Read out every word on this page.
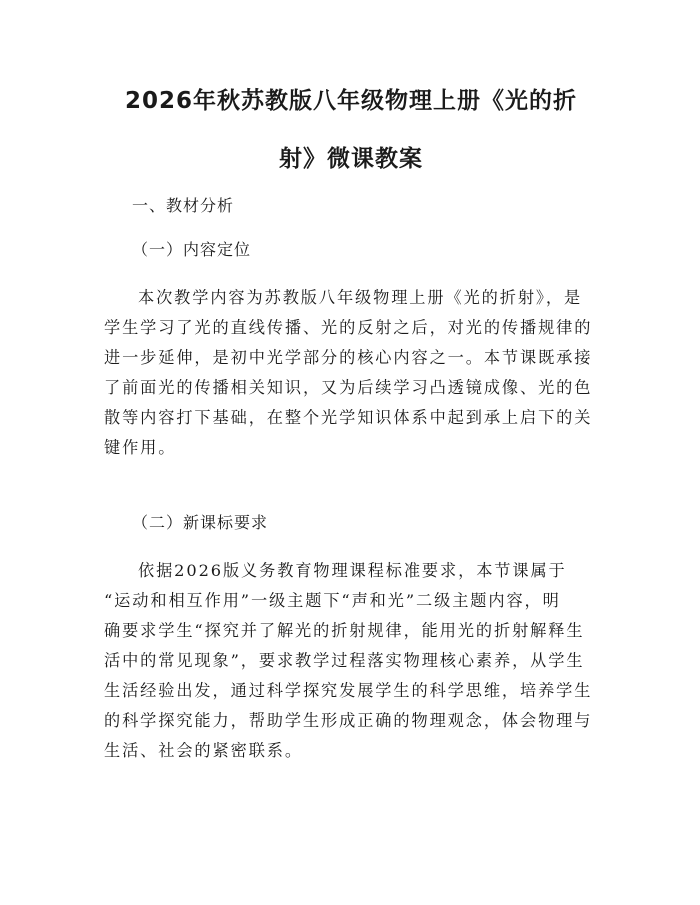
2026年秋苏教版八年级物理上册《光的折
射》微课教案

一、教材分析

（一）内容定位

本次教学内容为苏教版八年级物理上册《光的折射》，是
学生学习了光的直线传播、光的反射之后，对光的传播规律的
进一步延伸，是初中光学部分的核心内容之一。本节课既承接
了前面光的传播相关知识，又为后续学习凸透镜成像、光的色
散等内容打下基础，在整个光学知识体系中起到承上启下的关
键作用。

（二）新课标要求

依据2026版义务教育物理课程标准要求，本节课属于
“运动和相互作用”一级主题下“声和光”二级主题内容，明
确要求学生“探究并了解光的折射规律，能用光的折射解释生
活中的常见现象”，要求教学过程落实物理核心素养，从学生
生活经验出发，通过科学探究发展学生的科学思维，培养学生
的科学探究能力，帮助学生形成正确的物理观念，体会物理与
生活、社会的紧密联系。
